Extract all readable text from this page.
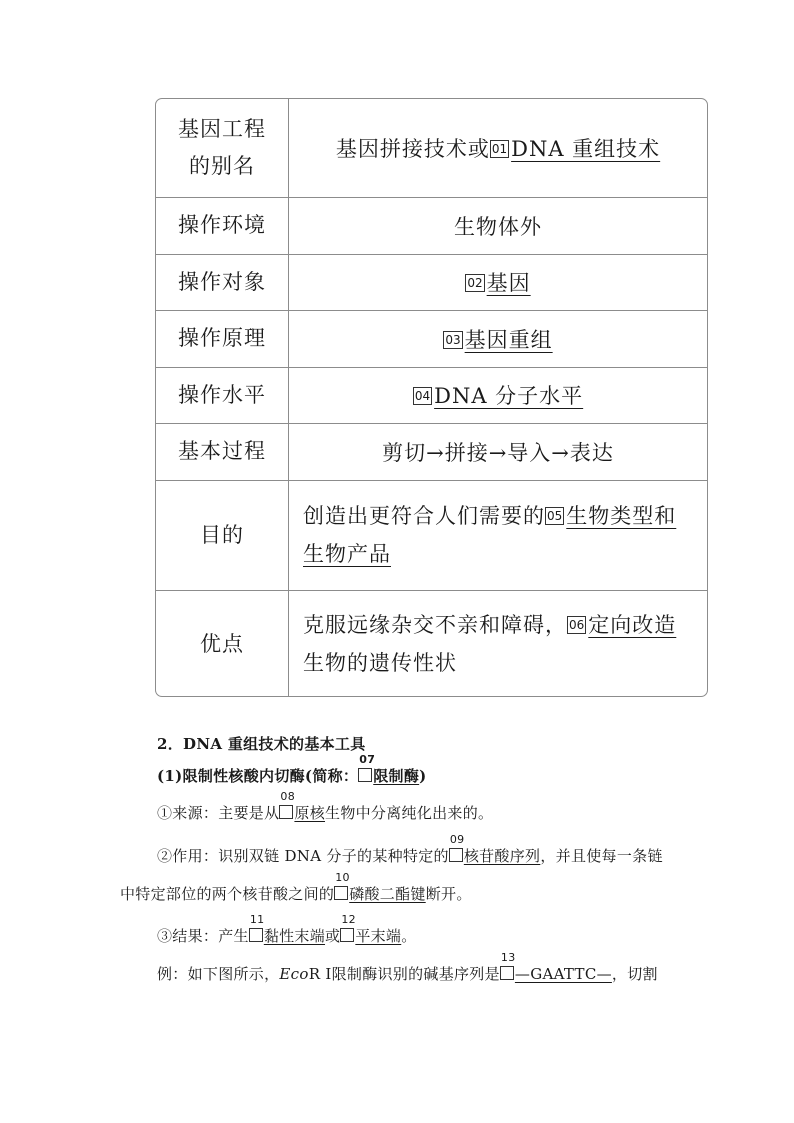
基因工程的别名	基因拼接技术或 01 DNA 重组技术
操作环境	生物体外
操作对象	02 基因
操作原理	03 基因重组
操作水平	04 DNA 分子水平
基本过程	剪切→拼接→导入→表达
目的	创造出更符合人们需要的 05 生物类型和生物产品
优点	克服远缘杂交不亲和障碍， 06 定向改造生物的遗传性状

2．DNA 重组技术的基本工具

(1)限制性核酸内切酶(简称：
07
限制酶)

①来源：主要是从
08
原核生物中分离纯化出来的。

②作用：识别双链 DNA 分子的某种特定的
09
核苷酸序列，并且使每一条链

中特定部位的两个核苷酸之间的
10
磷酸二酯键断开。

③结果：产生
11
黏性末端或
12
平末端。

例：如下图所示，EcoR Ⅰ限制酶识别的碱基序列是
13
—GAATTC—，切割
